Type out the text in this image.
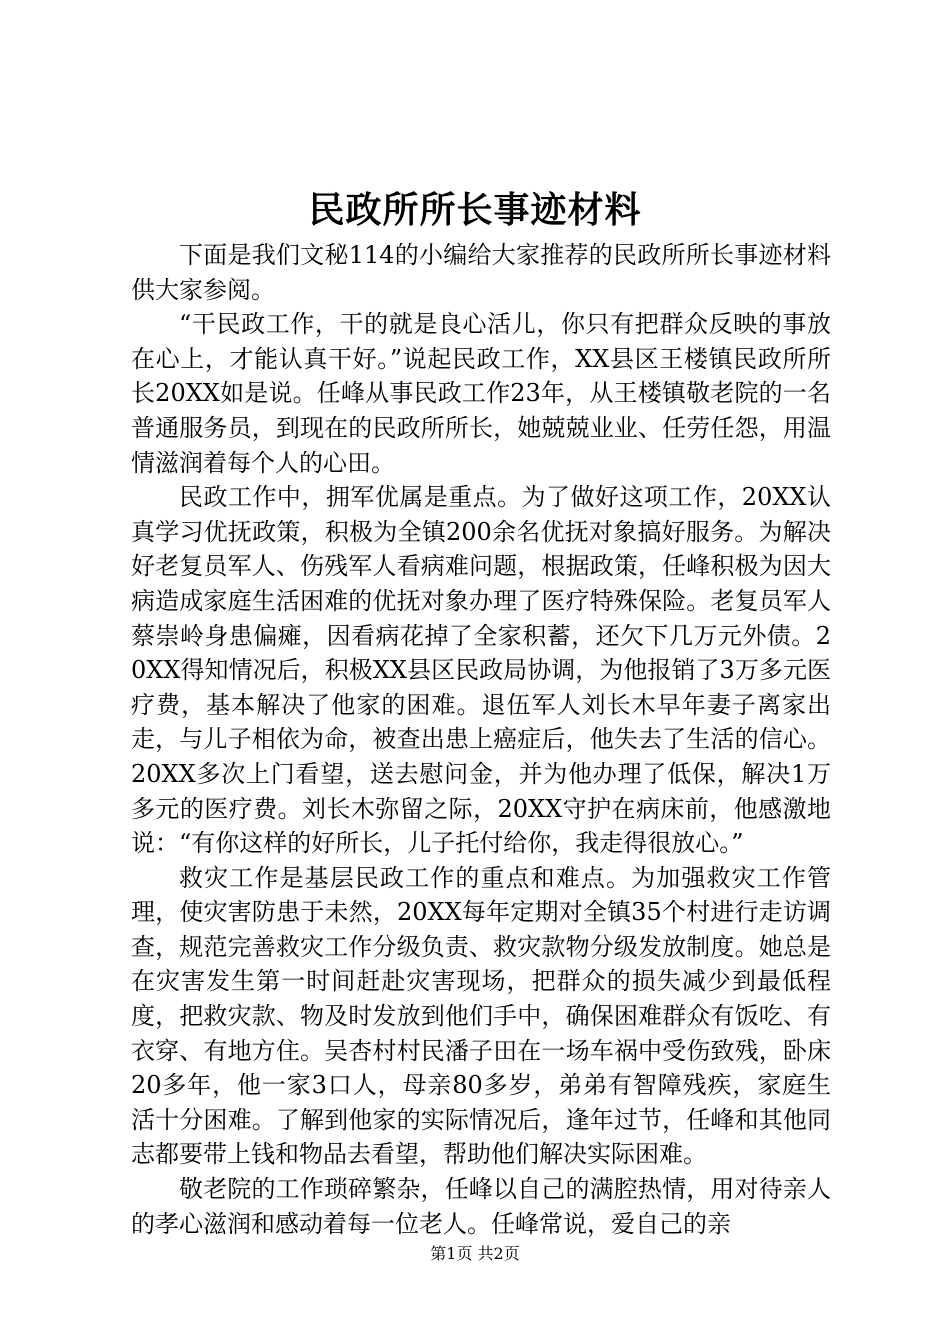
民政所所长事迹材料

下面是我们文秘114的小编给大家推荐的民政所所长事迹材料供大家参阅。

“干民政工作，干的就是良心活儿，你只有把群众反映的事放在心上，才能认真干好。”说起民政工作，XX县区王楼镇民政所所长20XX如是说。任峰从事民政工作23年，从王楼镇敬老院的一名普通服务员，到现在的民政所所长，她兢兢业业、任劳任怨，用温情滋润着每个人的心田。

民政工作中，拥军优属是重点。为了做好这项工作，20XX认真学习优抚政策，积极为全镇200余名优抚对象搞好服务。为解决好老复员军人、伤残军人看病难问题，根据政策，任峰积极为因大病造成家庭生活困难的优抚对象办理了医疗特殊保险。老复员军人蔡崇岭身患偏瘫，因看病花掉了全家积蓄，还欠下几万元外债。20XX得知情况后，积极XX县区民政局协调，为他报销了3万多元医疗费，基本解决了他家的困难。退伍军人刘长木早年妻子离家出走，与儿子相依为命，被查出患上癌症后，他失去了生活的信心。20XX多次上门看望，送去慰问金，并为他办理了低保，解决1万多元的医疗费。刘长木弥留之际，20XX守护在病床前，他感激地说：“有你这样的好所长，儿子托付给你，我走得很放心。”

救灾工作是基层民政工作的重点和难点。为加强救灾工作管理，使灾害防患于未然，20XX每年定期对全镇35个村进行走访调查，规范完善救灾工作分级负责、救灾款物分级发放制度。她总是在灾害发生第一时间赶赴灾害现场，把群众的损失减少到最低程度，把救灾款、物及时发放到他们手中，确保困难群众有饭吃、有衣穿、有地方住。吴杏村村民潘子田在一场车祸中受伤致残，卧床20多年，他一家3口人，母亲80多岁，弟弟有智障残疾，家庭生活十分困难。了解到他家的实际情况后，逢年过节，任峰和其他同志都要带上钱和物品去看望，帮助他们解决实际困难。

敬老院的工作琐碎繁杂，任峰以自己的满腔热情，用对待亲人的孝心滋润和感动着每一位老人。任峰常说，爱自己的亲

第1页 共2页
